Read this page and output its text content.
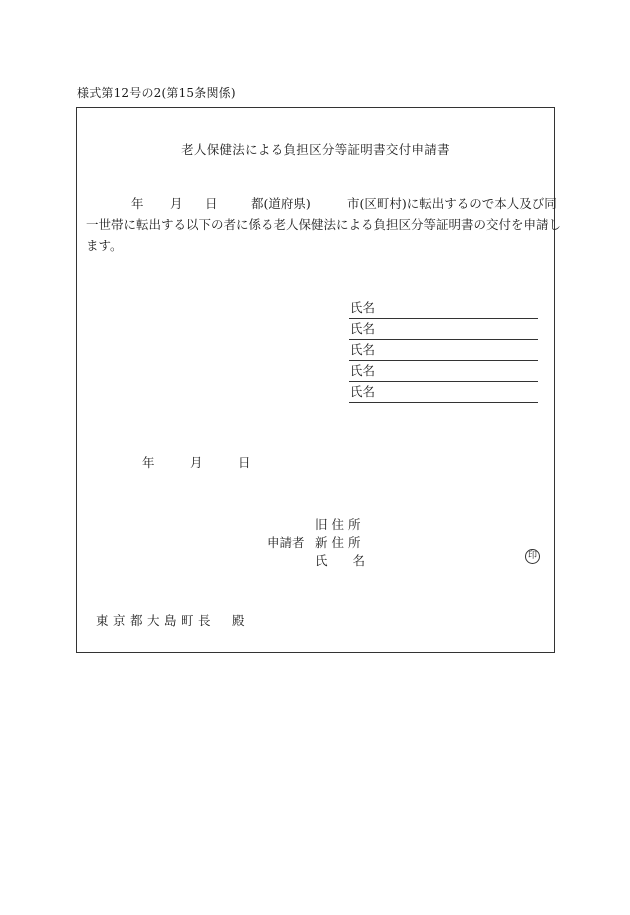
様式第12号の2(第15条関係)
老人保健法による負担区分等証明書交付申請書
年 月 日	都(道府県)	市(区町村)に転出するので本人及び同
一世帯に転出する以下の者に係る老人保健法による負担区分等証明書の交付を申請し
ます。
氏名
氏名
氏名
氏名
氏名
年	月	日
旧 住 所
申請者 新 住 所
氏　　名	印
東京都大島町長　殿
